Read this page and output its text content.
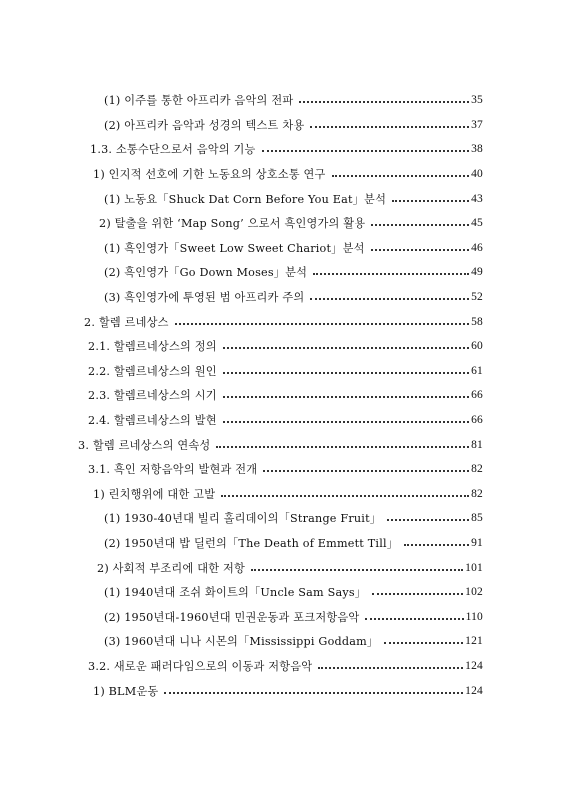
(1) 이주를 통한 아프리카 음악의 전파	35
(2) 아프리카 음악과 성경의 텍스트 차용	37
1.3. 소통수단으로서 음악의 기능	38
1) 인지적 선호에 기한 노동요의 상호소통 연구	40
(1) 노동요「Shuck Dat Corn Before You Eat」분석	43
2) 탈출을 위한 ‘Map Song’ 으로서 흑인영가의 활용	45
(1) 흑인영가「Sweet Low Sweet Chariot」분석	46
(2) 흑인영가「Go Down Moses」분석	49
(3) 흑인영가에 투영된 범 아프리카 주의	52
2. 할렘 르네상스	58
2.1. 할렘르네상스의 정의	60
2.2. 할렘르네상스의 원인	61
2.3. 할렘르네상스의 시기	66
2.4. 할렘르네상스의 발현	66
3. 할렘 르네상스의 연속성	81
3.1. 흑인 저항음악의 발현과 전개	82
1) 린치행위에 대한 고발	82
(1) 1930-40년대 빌리 홀리데이의「Strange Fruit」	85
(2) 1950년대 밥 딜런의「The Death of Emmett Till」	91
2) 사회적 부조리에 대한 저항	101
(1) 1940년대 조쉬 화이트의「Uncle Sam Says」	102
(2) 1950년대-1960년대 민권운동과 포크저항음악	110
(3) 1960년대 니나 시몬의「Mississippi Goddam」	121
3.2. 새로운 패러다임으로의 이동과 저항음악	124
1) BLM운동	124
